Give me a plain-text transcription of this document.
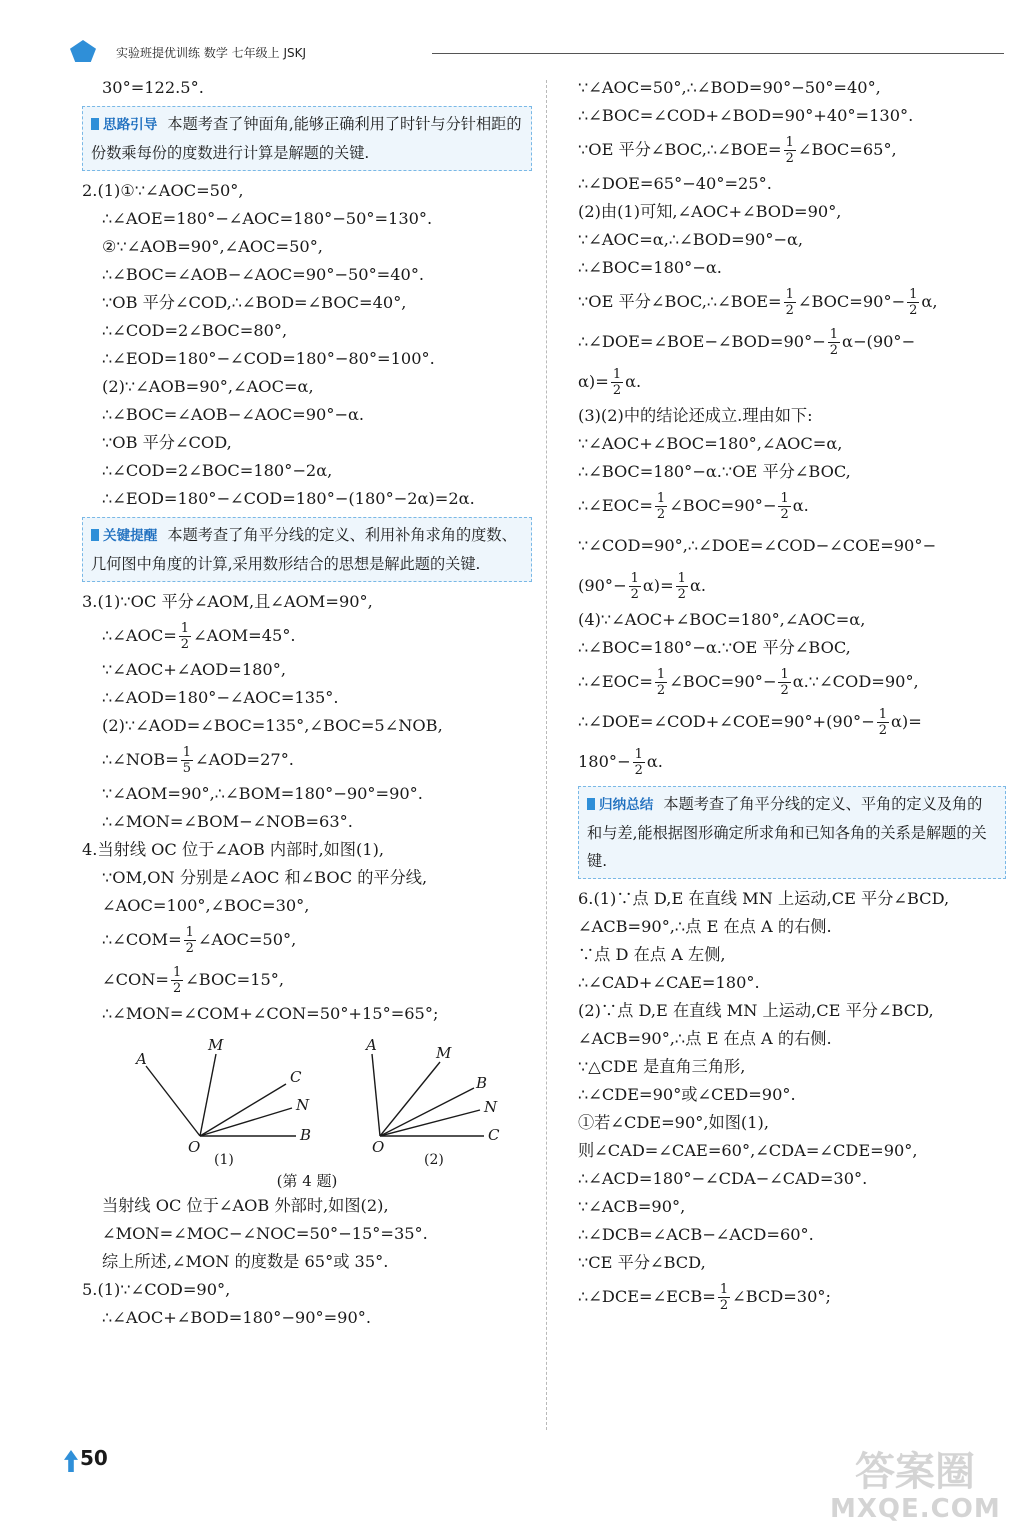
实验班提优训练 数学 七年级上 JSKJ
30°=122.5°.
思路引导 本题考查了钟面角,能够正确利用了时针与分针相距的份数乘每份的度数进行计算是解题的关键.
2.(1)①∵∠AOC=50°,
∴∠AOE=180°−∠AOC=180°−50°=130°.
②∵∠AOB=90°,∠AOC=50°,
∴∠BOC=∠AOB−∠AOC=90°−50°=40°.
∵OB 平分∠COD,∴∠BOD=∠BOC=40°,
∴∠COD=2∠BOC=80°,
∴∠EOD=180°−∠COD=180°−80°=100°.
(2)∵∠AOB=90°,∠AOC=α,
∴∠BOC=∠AOB−∠AOC=90°−α.
∵OB 平分∠COD,
∴∠COD=2∠BOC=180°−2α,
∴∠EOD=180°−∠COD=180°−(180°−2α)=2α.
关键提醒 本题考查了角平分线的定义、利用补角求角的度数、几何图中角度的计算,采用数形结合的思想是解此题的关键.
3.(1)∵OC 平分∠AOM,且∠AOM=90°,
∴∠AOC= $\frac{1}{2}$ ∠AOM=45°.
∵∠AOC+∠AOD=180°,
∴∠AOD=180°−∠AOC=135°.
(2)∵∠AOD=∠BOC=135°,∠BOC=5∠NOB,
∴∠NOB= $\frac{1}{5}$ ∠AOD=27°.
∵∠AOM=90°,∴∠BOM=180°−90°=90°.
∴∠MON=∠BOM−∠NOB=63°.
4.当射线 OC 位于∠AOB 内部时,如图(1),
∵OM,ON 分别是∠AOC 和∠BOC 的平分线,
∠AOC=100°,∠BOC=30°,
∴∠COM= $\frac{1}{2}$ ∠AOC=50°,
∠CON= $\frac{1}{2}$ ∠BOC=15°,
∴∠MON=∠COM+∠CON=50°+15°=65°;
A
M
C
N
B
O
A	M
B
N
C
O
(1)	(2)
(第 4 题)
当射线 OC 位于∠AOB 外部时,如图(2),
∠MON=∠MOC−∠NOC=50°−15°=35°.
综上所述,∠MON 的度数是 65°或 35°.
5.(1)∵∠COD=90°,
∴∠AOC+∠BOD=180°−90°=90°.
∵∠AOC=50°,∴∠BOD=90°−50°=40°,
∴∠BOC=∠COD+∠BOD=90°+40°=130°.
∵OE 平分∠BOC,∴∠BOE= $\frac{1}{2}$ ∠BOC=65°,
∴∠DOE=65°−40°=25°.
(2)由(1)可知,∠AOC+∠BOD=90°,
∵∠AOC=α,∴∠BOD=90°−α,
∴∠BOC=180°−α.
∵OE 平分∠BOC,∴∠BOE= $\frac{1}{2}$ ∠BOC=90°− $\frac{1}{2} \alpha$,
∴∠DOE=∠BOE−∠BOD=90°− $\frac{1}{2} \alpha-(90^\circ-$
$\alpha)= \frac{1}{2} \alpha$.
(3)(2)中的结论还成立.理由如下:
∵∠AOC+∠BOC=180°,∠AOC=α,
∴∠BOC=180°−α.∵OE 平分∠BOC,
∴∠EOC= $\frac{1}{2}$ ∠BOC=90°− $\frac{1}{2} \alpha$.
∵∠COD=90°,∴∠DOE=∠COD−∠COE=90°−
$(90^\circ- \frac{1}{2} \alpha)= \frac{1}{2} \alpha$.
(4)∵∠AOC+∠BOC=180°,∠AOC=α,
∴∠BOC=180°−α.∵OE 平分∠BOC,
∴∠EOC= $\frac{1}{2}$ ∠BOC=90°− $\frac{1}{2}$ α.∵∠COD=90°,
∴∠DOE=∠COD+∠COE=90°+(90°− $\frac{1}{2} \alpha)=$
$180^\circ- \frac{1}{2} \alpha$.
归纳总结 本题考查了角平分线的定义、平角的定义及角的和与差,能根据图形确定所求角和已知各角的关系是解题的关键.
6.(1)∵点 D,E 在直线 MN 上运动,CE 平分∠BCD,
∠ACB=90°,∴点 E 在点 A 的右侧.
∵点 D 在点 A 左侧,
∴∠CAD+∠CAE=180°.
(2)∵点 D,E 在直线 MN 上运动,CE 平分∠BCD,
∠ACB=90°,∴点 E 在点 A 的右侧.
∵△CDE 是直角三角形,
∴∠CDE=90°或∠CED=90°.
①若∠CDE=90°,如图(1),
则∠CAD=∠CAE=60°,∠CDA=∠CDE=90°,
∴∠ACD=180°−∠CDA−∠CAD=30°.
∵∠ACB=90°,
∴∠DCB=∠ACB−∠ACD=60°.
∵CE 平分∠BCD,
∴∠DCE=∠ECB= $\frac{1}{2}$ ∠BCD=30°;
50	答案圈
MXQE.COM
